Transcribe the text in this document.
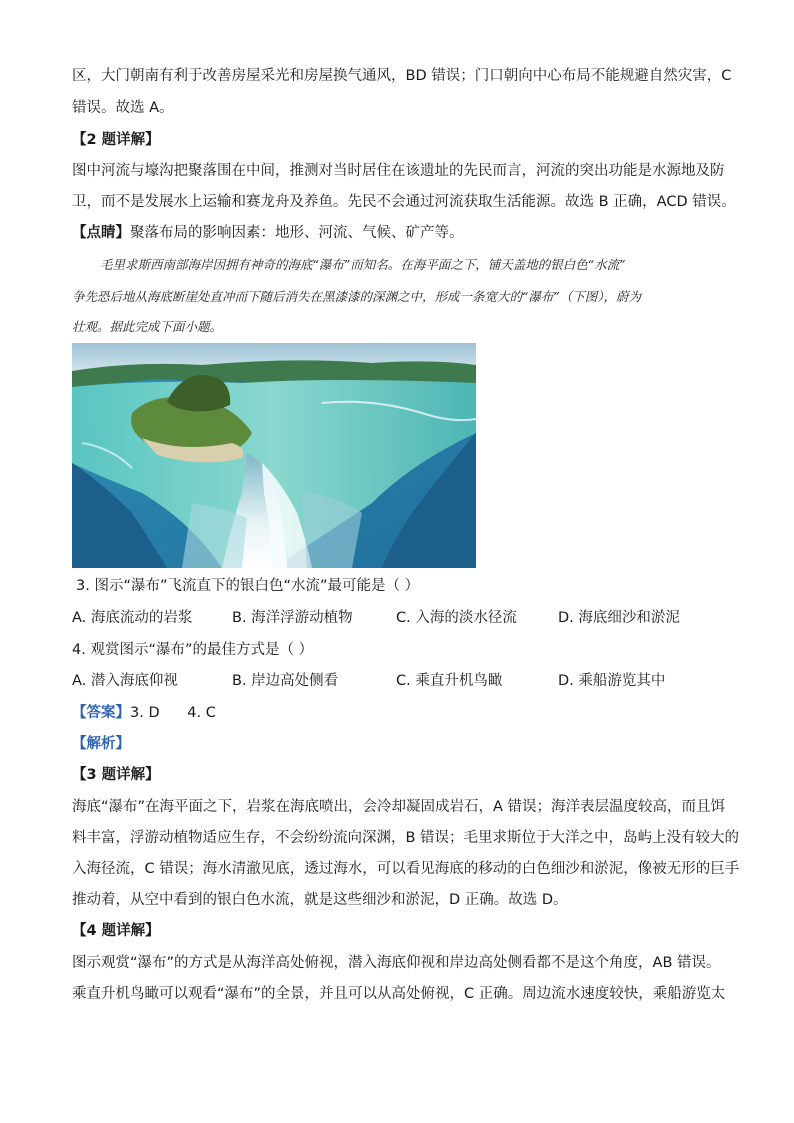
区，大门朝南有利于改善房屋采光和房屋换气通风，BD 错误；门口朝向中心布局不能规避自然灾害，C
错误。故选 A。
【2 题详解】
图中河流与壕沟把聚落围在中间，推测对当时居住在该遗址的先民而言，河流的突出功能是水源地及防
卫，而不是发展水上运输和赛龙舟及养鱼。先民不会通过河流获取生活能源。故选 B 正确，ACD 错误。
【点睛】聚落布局的影响因素：地形、河流、气候、矿产等。
毛里求斯西南部海岸因拥有神奇的海底“瀑布”而知名。在海平面之下，铺天盖地的银白色“水流”
争先恐后地从海底断崖处直冲而下随后消失在黑漆漆的深渊之中，形成一条宽大的“瀑布”（下图），蔚为
壮观。据此完成下面小题。
3. 图示“瀑布”飞流直下的银白色“水流”最可能是（ ）
A. 海底流动的岩浆	B. 海洋浮游动植物	C. 入海的淡水径流	D. 海底细沙和淤泥
4. 观赏图示“瀑布”的最佳方式是（ ）
A. 潜入海底仰视	B. 岸边高处侧看	C. 乘直升机鸟瞰	D. 乘船游览其中
【答案】3. D      4. C
【解析】
【3 题详解】
海底“瀑布”在海平面之下，岩浆在海底喷出，会冷却凝固成岩石，A 错误；海洋表层温度较高，而且饵
料丰富，浮游动植物适应生存，不会纷纷流向深渊，B 错误；毛里求斯位于大洋之中，岛屿上没有较大的
入海径流，C 错误；海水清澈见底，透过海水，可以看见海底的移动的白色细沙和淤泥，像被无形的巨手
推动着，从空中看到的银白色水流，就是这些细沙和淤泥，D 正确。故选 D。
【4 题详解】
图示观赏“瀑布”的方式是从海洋高处俯视，潜入海底仰视和岸边高处侧看都不是这个角度，AB 错误。
乘直升机鸟瞰可以观看“瀑布”的全景，并且可以从高处俯视，C 正确。周边流水速度较快，乘船游览太
